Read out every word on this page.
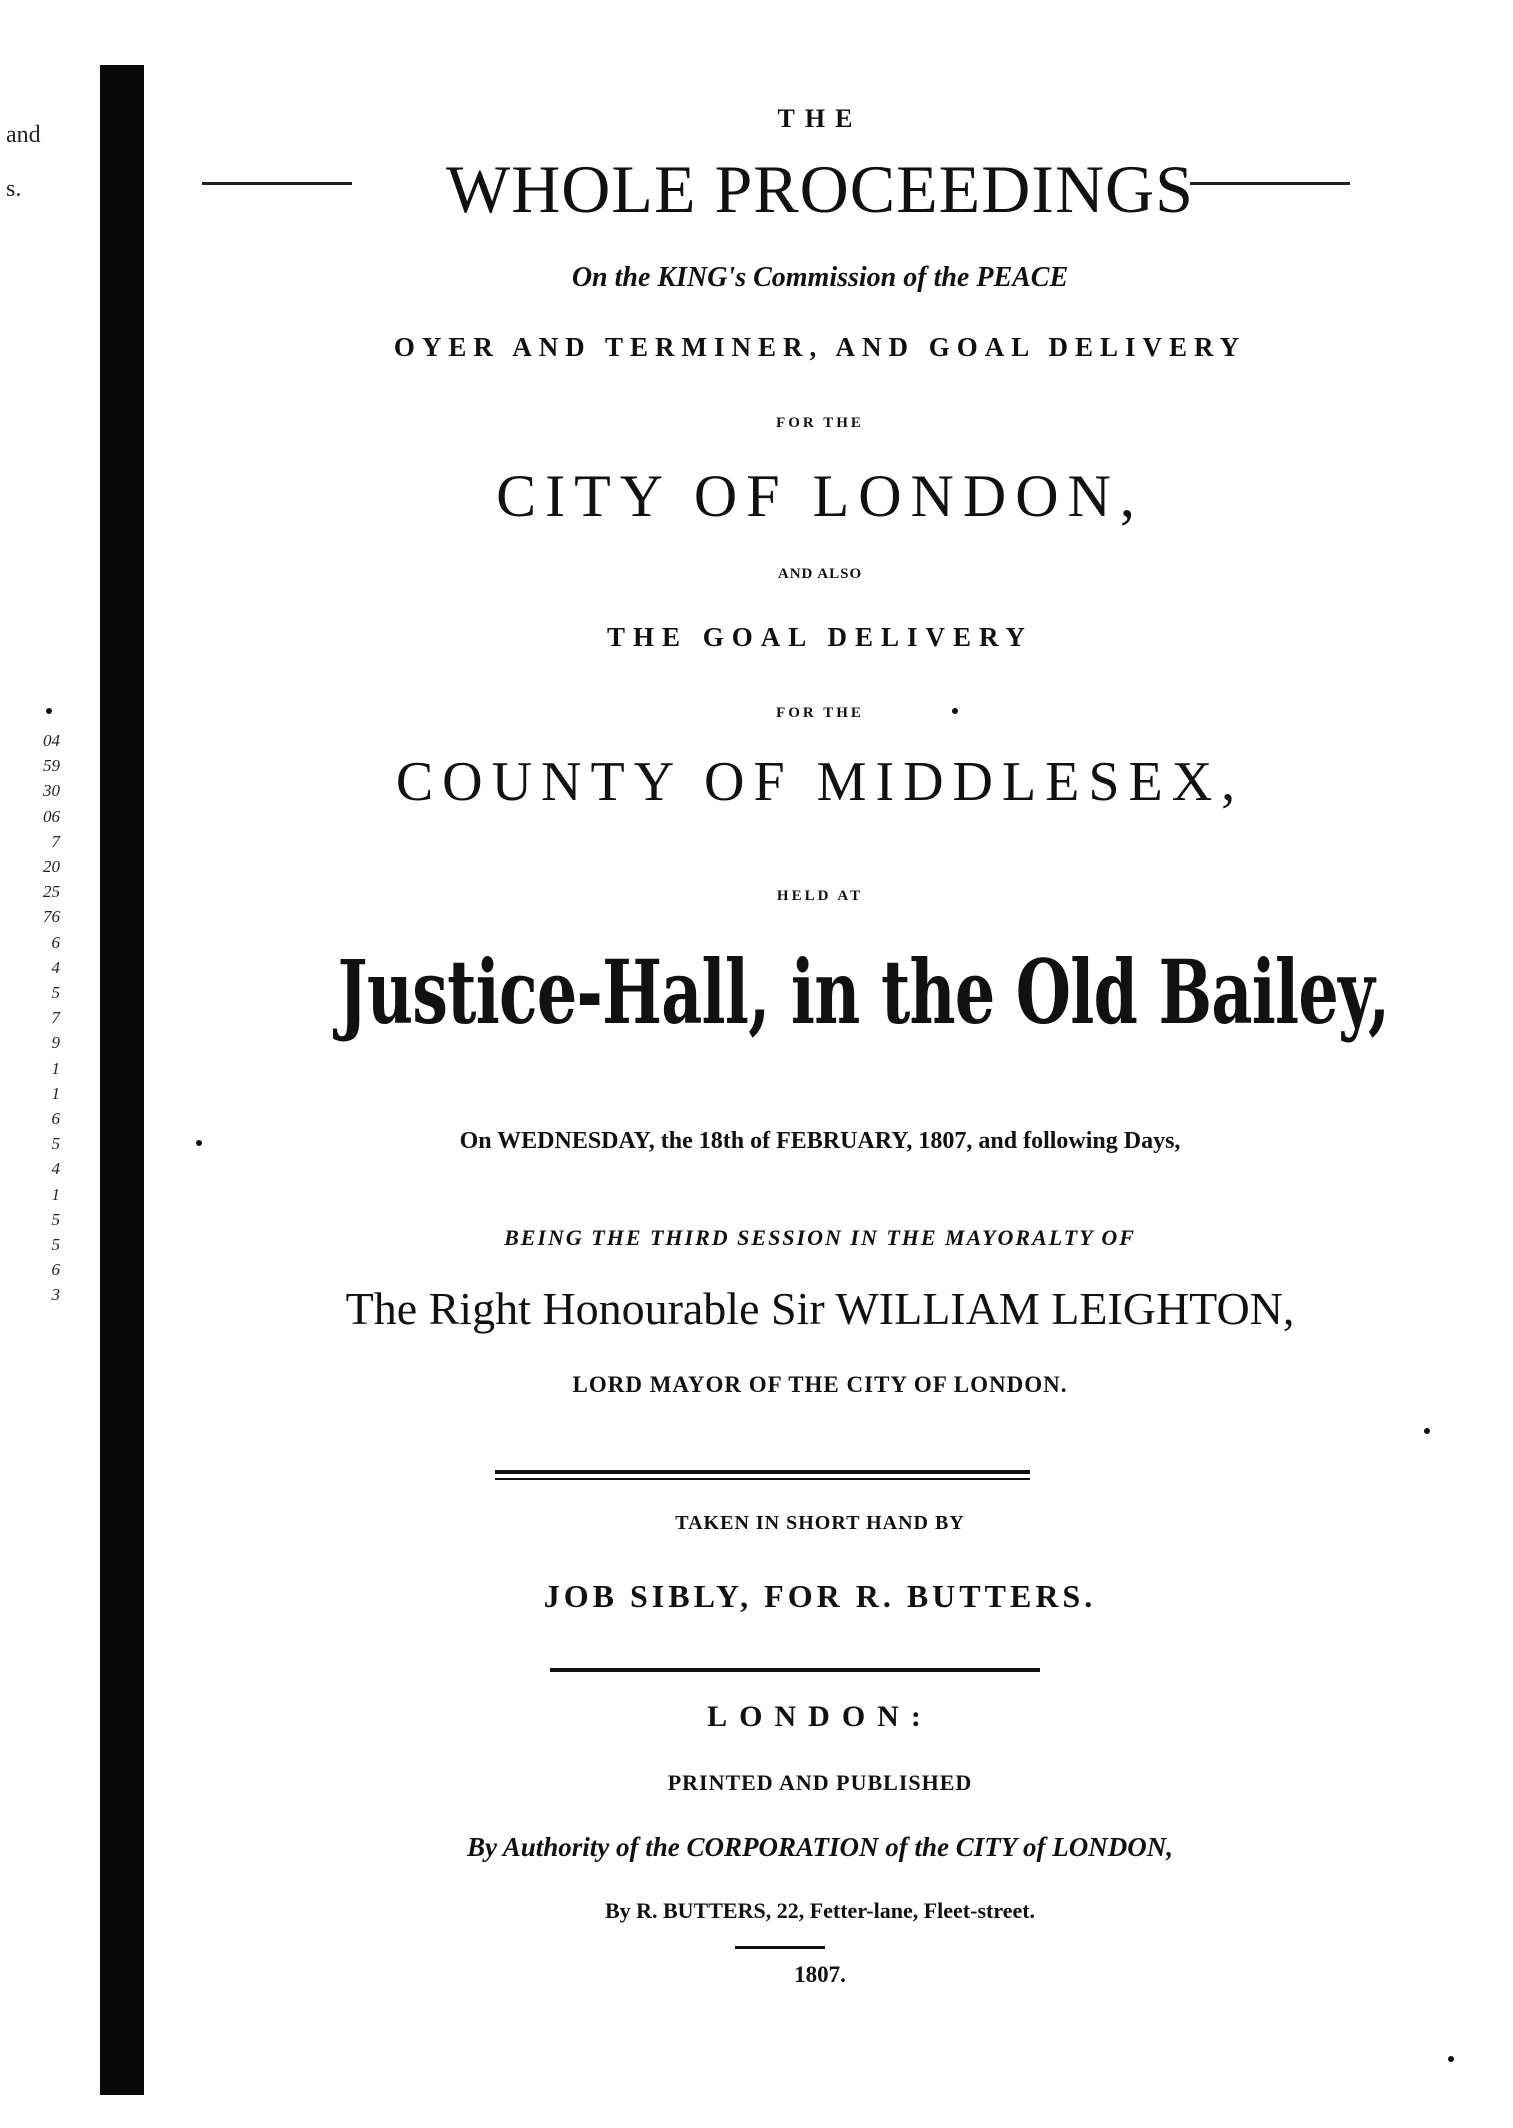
and
s.
04
59
30
06
7
20
25
76
6
4
5
7
9
1
1
6
5
4
1
5
5
6
3
THE
WHOLE PROCEEDINGS
On the KING's Commission of the PEACE
OYER AND TERMINER, AND GOAL DELIVERY
FOR THE
CITY OF LONDON,
AND ALSO
THE GOAL DELIVERY
FOR THE
COUNTY OF MIDDLESEX,
HELD AT
Justice-Hall, in the Old Bailey,
On WEDNESDAY, the 18th of FEBRUARY, 1807, and following Days,
BEING THE THIRD SESSION IN THE MAYORALTY OF
The Right Honourable Sir WILLIAM LEIGHTON,
LORD MAYOR OF THE CITY OF LONDON.
TAKEN IN SHORT HAND BY
JOB SIBLY, FOR R. BUTTERS.
LONDON:
PRINTED AND PUBLISHED
By Authority of the CORPORATION of the CITY of LONDON,
By R. BUTTERS, 22, Fetter-lane, Fleet-street.
1807.
